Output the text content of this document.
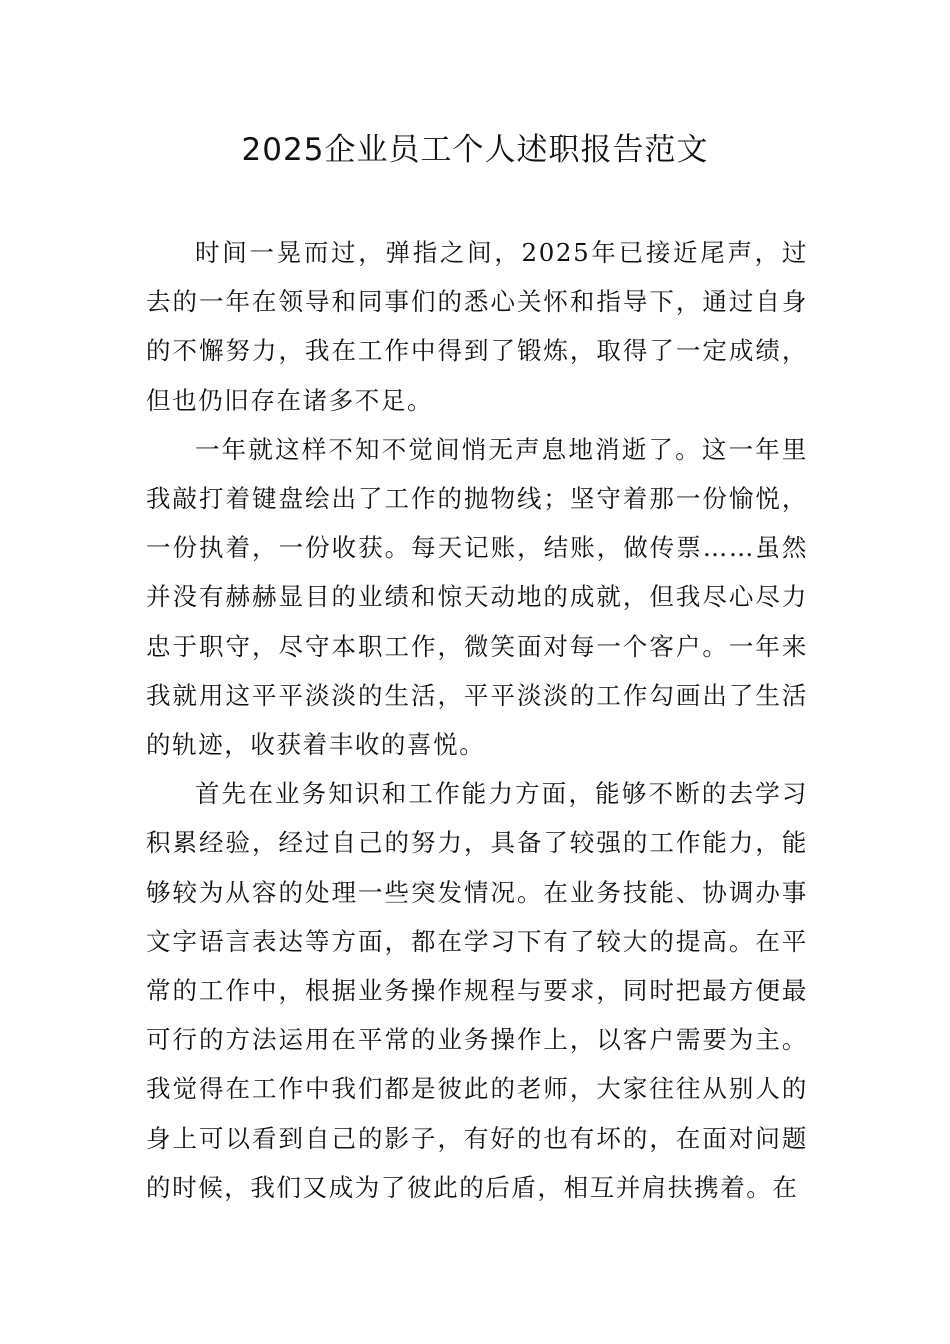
2025企业员工个人述职报告范文

时间一晃而过，弹指之间，2025年已接近尾声，过去的一年在领导和同事们的悉心关怀和指导下，通过自身的不懈努力，我在工作中得到了锻炼，取得了一定成绩，但也仍旧存在诸多不足。

一年就这样不知不觉间悄无声息地消逝了。这一年里我敲打着键盘绘出了工作的抛物线；坚守着那一份愉悦，一份执着，一份收获。每天记账，结账，做传票……虽然并没有赫赫显目的业绩和惊天动地的成就，但我尽心尽力忠于职守，尽守本职工作，微笑面对每一个客户。一年来我就用这平平淡淡的生活，平平淡淡的工作勾画出了生活的轨迹，收获着丰收的喜悦。

首先在业务知识和工作能力方面，能够不断的去学习积累经验，经过自己的努力，具备了较强的工作能力，能够较为从容的处理一些突发情况。在业务技能、协调办事文字语言表达等方面，都在学习下有了较大的提高。在平常的工作中，根据业务操作规程与要求，同时把最方便最可行的方法运用在平常的业务操作上，以客户需要为主。我觉得在工作中我们都是彼此的老师，大家往往从别人的身上可以看到自己的影子，有好的也有坏的，在面对问题的时候，我们又成为了彼此的后盾，相互并肩扶携着。在
